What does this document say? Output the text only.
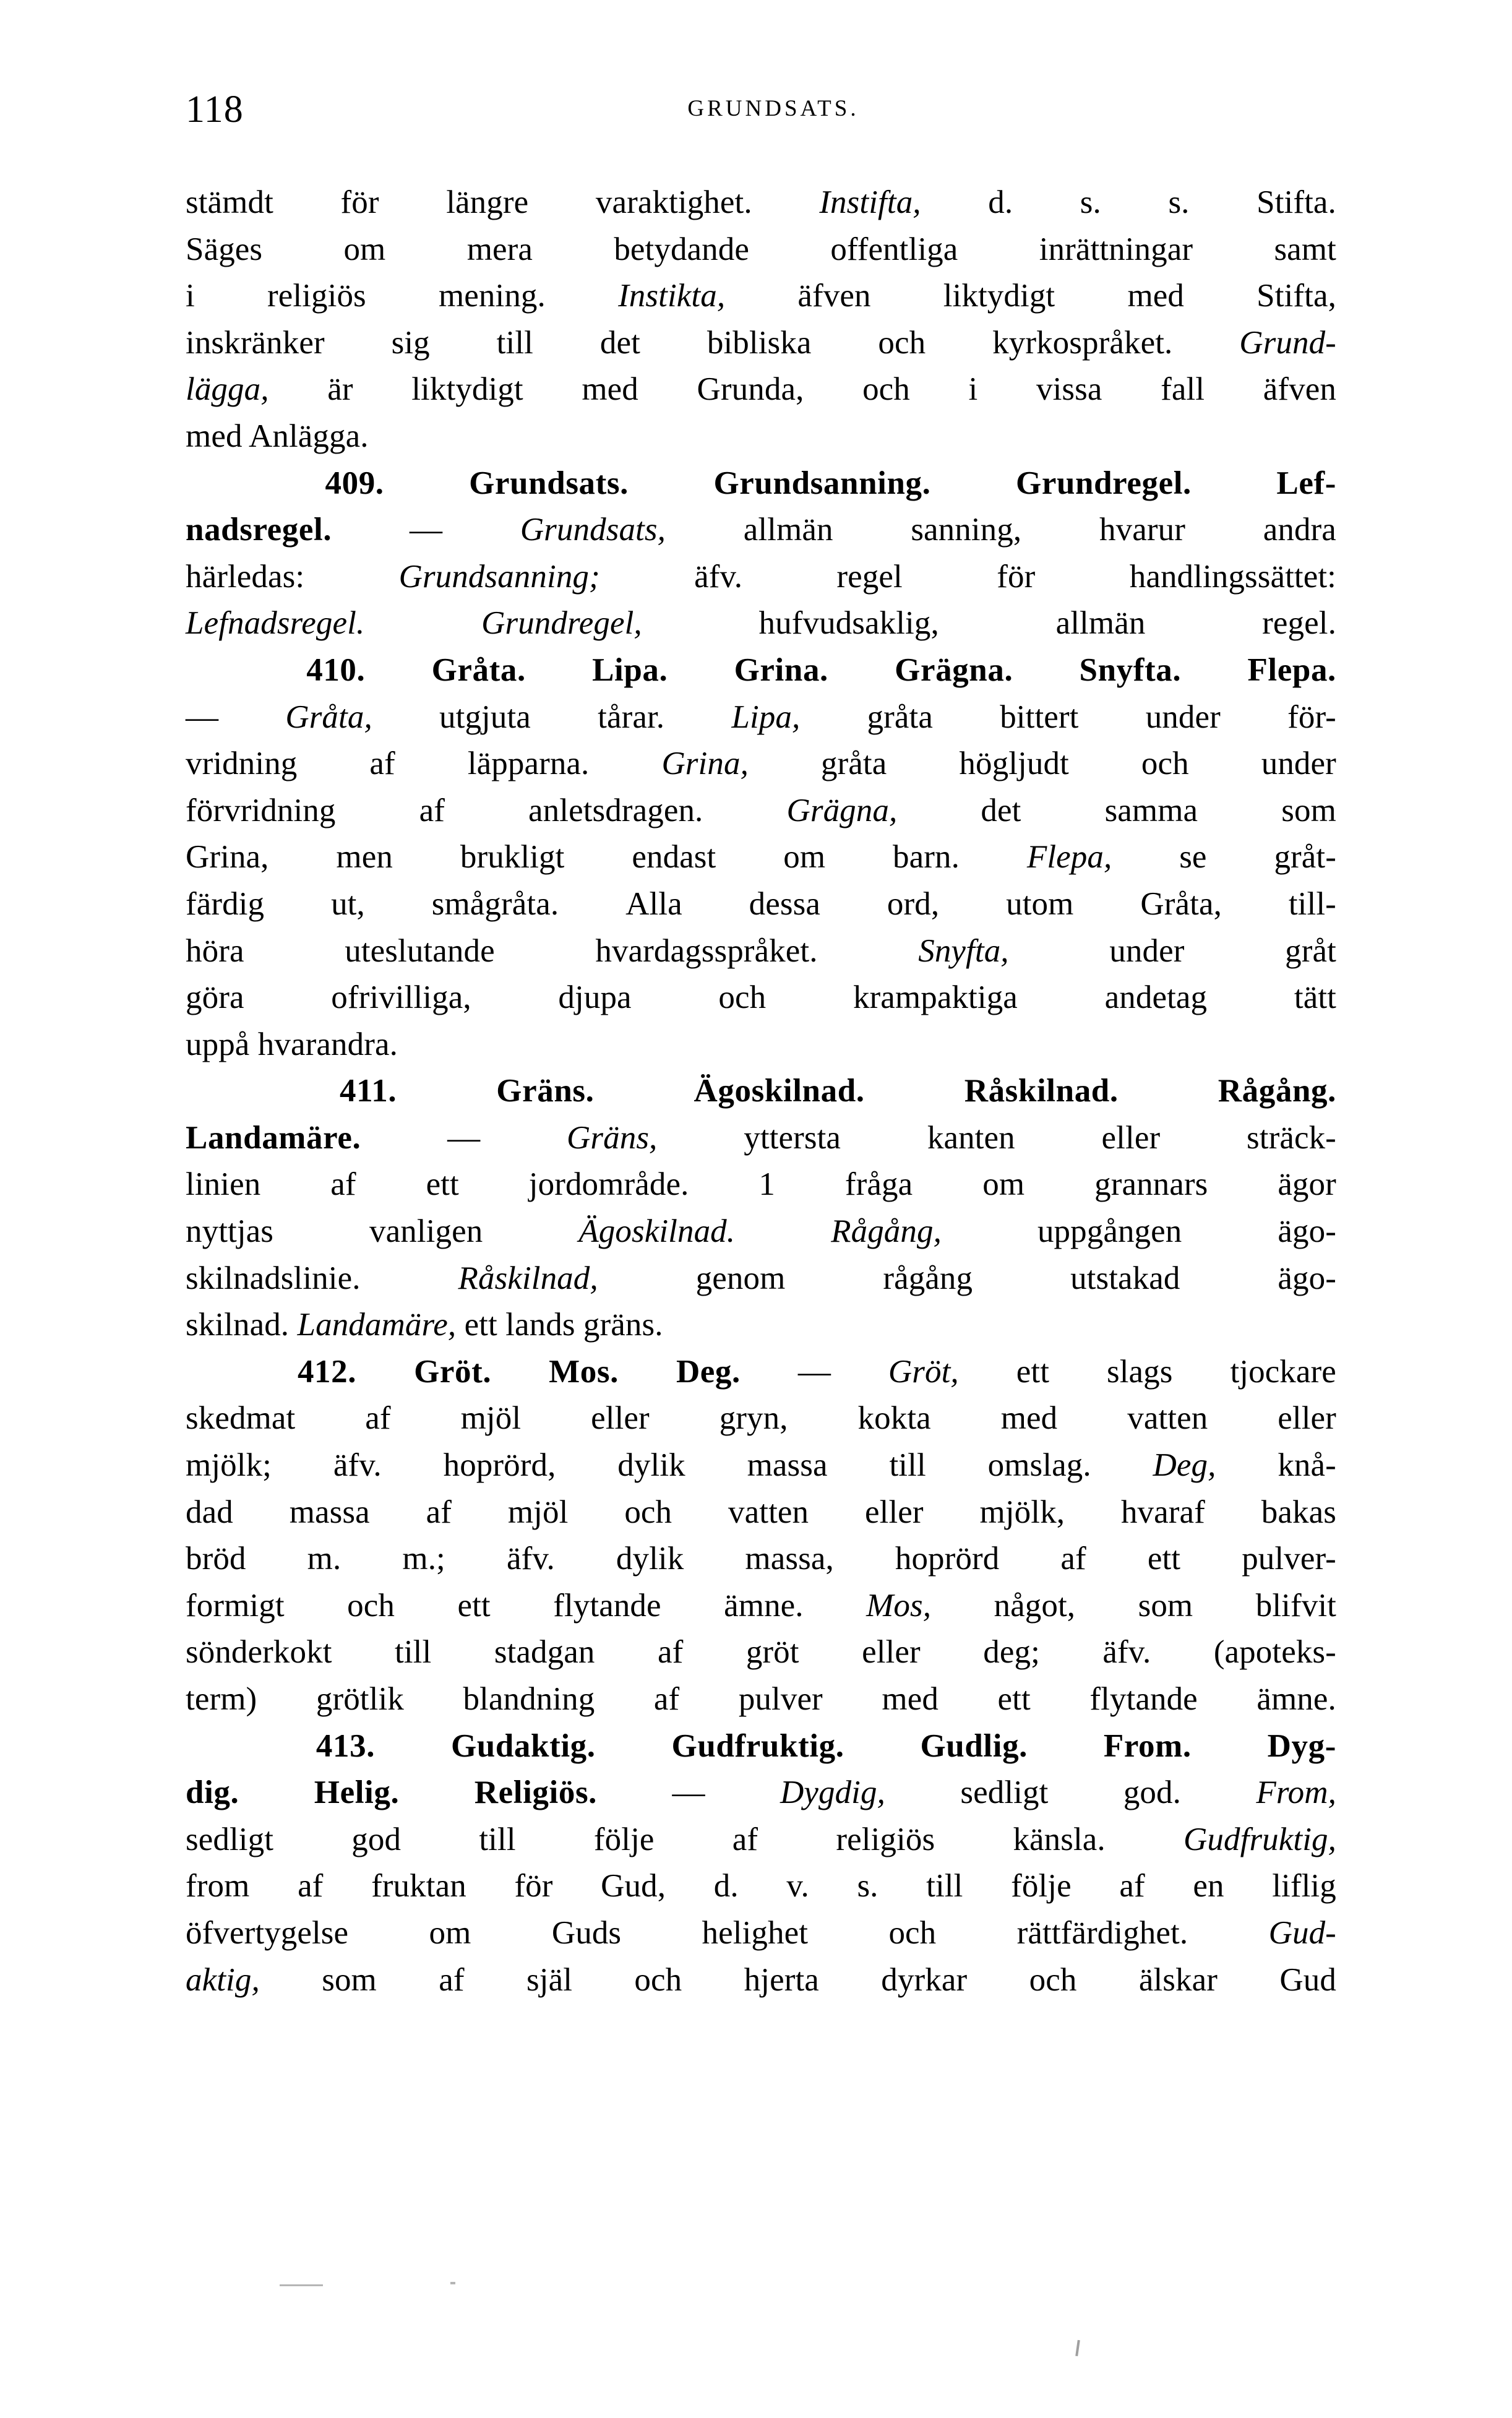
118	GRUNDSATS.
stämdt för längre varaktighet. Instifta, d. s. s. Stifta.
Säges om mera betydande offentliga inrättningar samt
i religiös mening. Instikta, äfven liktydigt med Stifta,
inskränker sig till det bibliska och kyrkospråket. Grund-
lägga, är liktydigt med Grunda, och i vissa fall äfven
med Anlägga.
409.	Grundsats.	Grundsanning.	Grundregel.	Lef-
nadsregel. — Grundsats, allmän sanning, hvarur andra
härledas:	Grundsanning;	äfv.	regel	för	handlingssättet:
Lefnadsregel.	Grundregel,	hufvudsaklig,	allmän	regel.
410. Gråta. Lipa. Grina. Grägna. Snyfta. Flepa.
— Gråta, utgjuta tårar. Lipa, gråta bittert under för-
vridning af läpparna. Grina, gråta högljudt och under
förvridning	af	anletsdragen.	Grägna,	det	samma	som
Grina, men brukligt endast om barn. Flepa, se gråt-
färdig ut, smågråta. Alla dessa ord, utom Gråta, till-
höra	uteslutande	hvardagsspråket.	Snyfta,	under	gråt
göra	ofrivilliga,	djupa	och	krampaktiga	andetag	tätt
uppå hvarandra.
411.	Gräns.	Ägoskilnad.	Råskilnad.	Rågång.
Landamäre.	—	Gräns,	yttersta	kanten	eller	sträck-
linien af ett jordområde. 1 fråga om grannars ägor
nyttjas	vanligen	Ägoskilnad.	Rågång,	uppgången	ägo-
skilnadslinie.	Råskilnad,	genom	rågång	utstakad	ägo-
skilnad. Landamäre, ett lands gräns.
412. Gröt. Mos. Deg. — Gröt, ett slags tjockare
skedmat af mjöl eller gryn, kokta med vatten eller
mjölk; äfv. hoprörd, dylik massa till omslag. Deg, knå-
dad massa af mjöl och vatten eller mjölk, hvaraf bakas
bröd m. m.; äfv. dylik massa, hoprörd af ett pulver-
formigt och ett flytande ämne. Mos, något, som blifvit
sönderkokt till stadgan af gröt eller deg; äfv. (apoteks-
term) grötlik blandning af pulver med ett flytande ämne.
413. Gudaktig. Gudfruktig. Gudlig. From. Dyg-
dig. Helig. Religiös. — Dygdig, sedligt god. From,
sedligt god till följe af religiös känsla. Gudfruktig,
from af fruktan för Gud, d. v. s. till följe af en liflig
öfvertygelse om Guds helighet och rättfärdighet. Gud-
aktig, som af själ och hjerta dyrkar och älskar Gud
